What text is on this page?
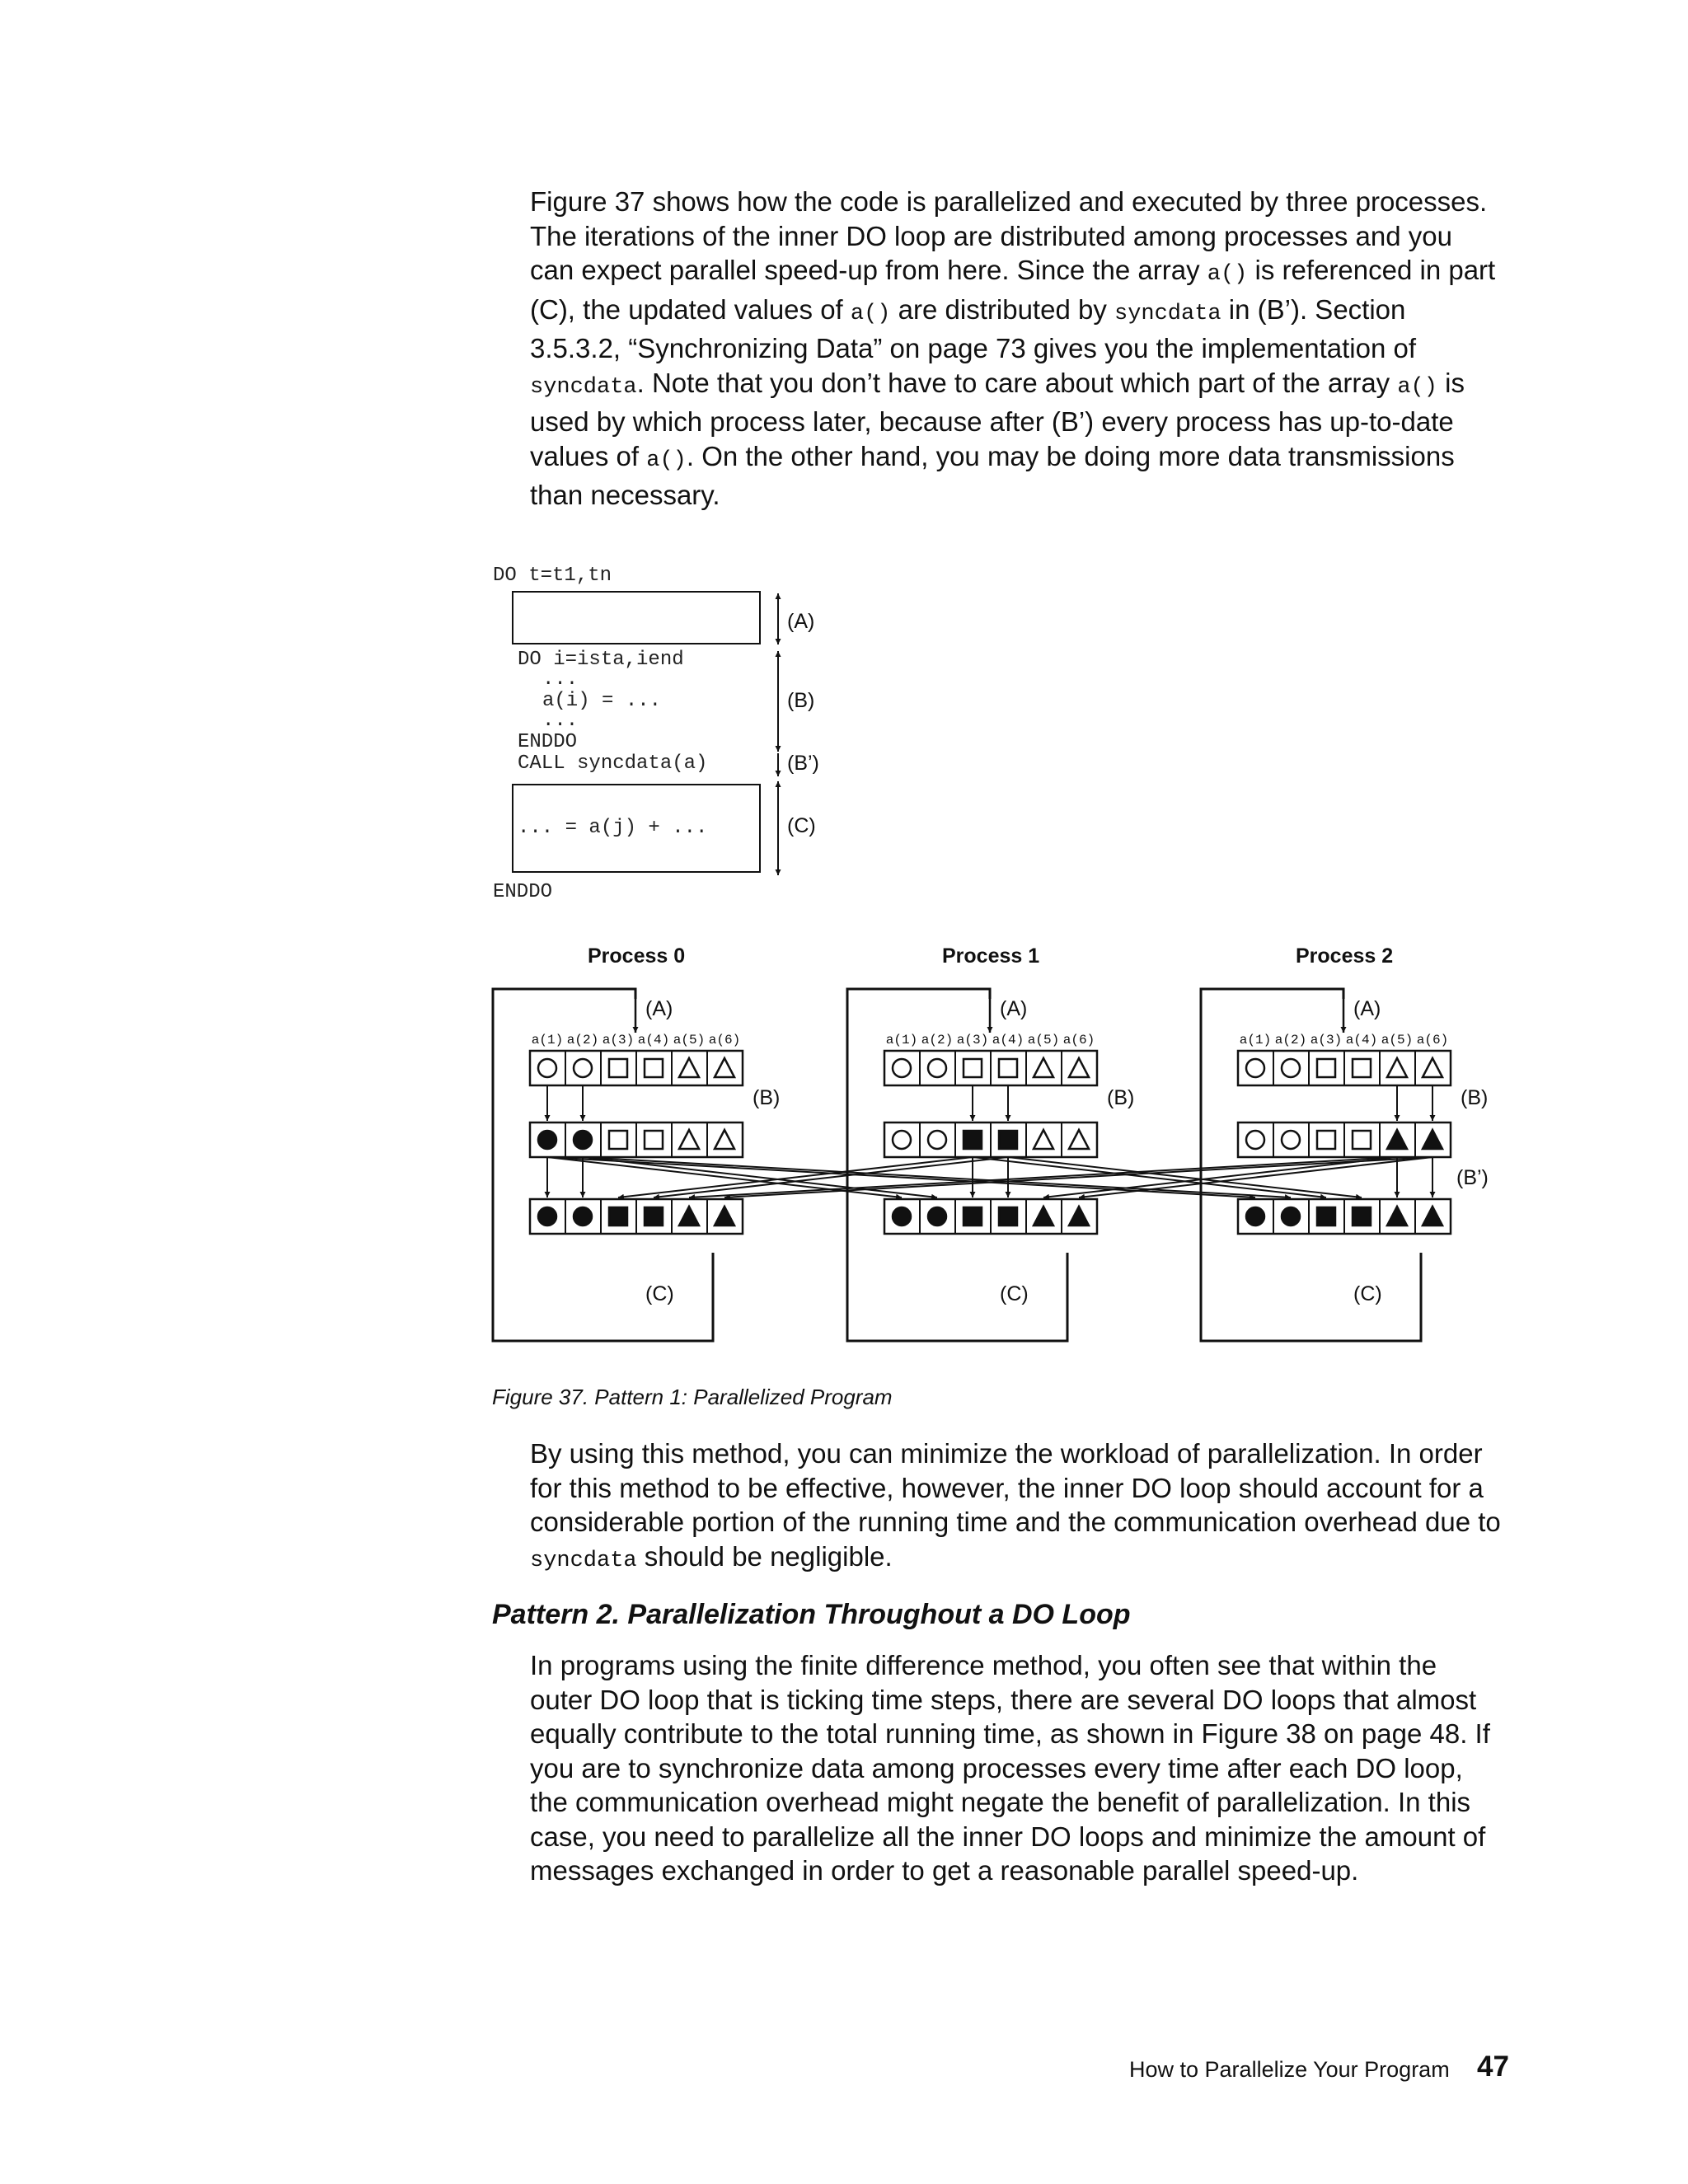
Figure 37 shows how the code is parallelized and executed by three processes. The iterations of the inner DO loop are distributed among processes and you can expect parallel speed-up from here. Since the array a() is referenced in part (C), the updated values of a() are distributed by syncdata in (B’). Section 3.5.3.2, “Synchronizing Data” on page 73 gives you the implementation of syncdata. Note that you don’t have to care about which part of the array a() is used by which process later, because after (B’) every process has up-to-date values of a(). On the other hand, you may be doing more data transmissions than necessary.

DO t=t1,tn
DO i=ista,iend
...
a(i) = ...
...
ENDDO
CALL syncdata(a)
... = a(j) + ...
ENDDO
(A)
(B)
(B’)
(C)
Process 0
(A)
(B)
(C)
a(1) a(2) a(3) a(4) a(5) a(6)
Process 1
(A)
(B)
(C)
a(1) a(2) a(3) a(4) a(5) a(6)
Process 2
(A)
(B)
(C)
(B’)
a(1) a(2) a(3) a(4) a(5) a(6)

Figure 37. Pattern 1: Parallelized Program

By using this method, you can minimize the workload of parallelization. In order for this method to be effective, however, the inner DO loop should account for a considerable portion of the running time and the communication overhead due to syncdata should be negligible.

Pattern 2. Parallelization Throughout a DO Loop

In programs using the finite difference method, you often see that within the outer DO loop that is ticking time steps, there are several DO loops that almost equally contribute to the total running time, as shown in Figure 38 on page 48. If you are to synchronize data among processes every time after each DO loop, the communication overhead might negate the benefit of parallelization. In this case, you need to parallelize all the inner DO loops and minimize the amount of messages exchanged in order to get a reasonable parallel speed-up.

How to Parallelize Your Program 47
